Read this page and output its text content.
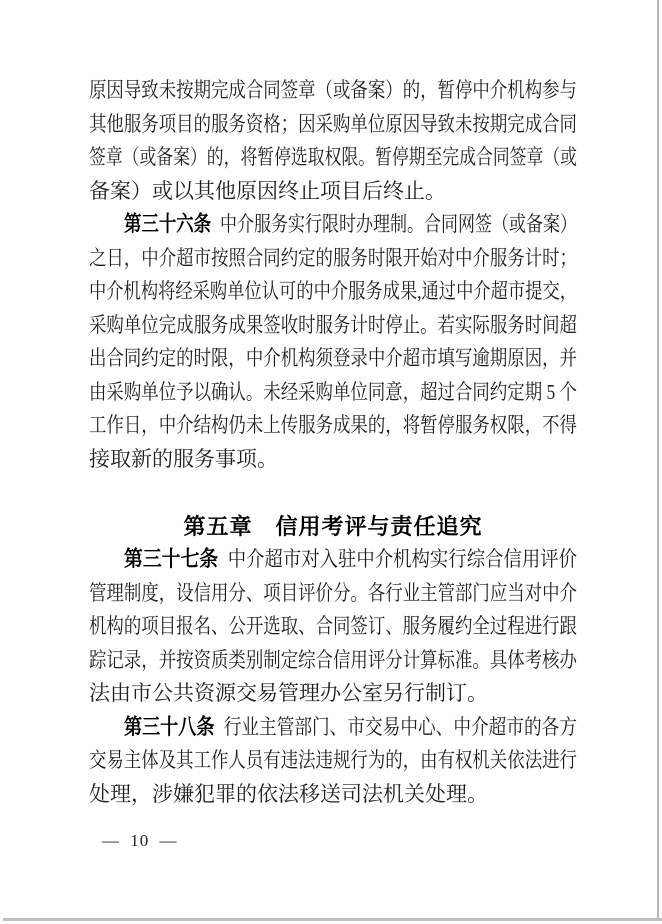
原因导致未按期完成合同签章（或备案）的，暂停中介机构参与
其他服务项目的服务资格；因采购单位原因导致未按期完成合同
签章（或备案）的，将暂停选取权限。暂停期至完成合同签章（或
备案）或以其他原因终止项目后终止。
第三十六条 中介服务实行限时办理制。合同网签（或备案）
之日，中介超市按照合同约定的服务时限开始对中介服务计时；
中介机构将经采购单位认可的中介服务成果,通过中介超市提交，
采购单位完成服务成果签收时服务计时停止。若实际服务时间超
出合同约定的时限，中介机构须登录中介超市填写逾期原因，并
由采购单位予以确认。未经采购单位同意，超过合同约定期 5 个
工作日，中介结构仍未上传服务成果的，将暂停服务权限，不得
接取新的服务事项。
第五章　信用考评与责任追究
第三十七条 中介超市对入驻中介机构实行综合信用评价
管理制度，设信用分、项目评价分。各行业主管部门应当对中介
机构的项目报名、公开选取、合同签订、服务履约全过程进行跟
踪记录，并按资质类别制定综合信用评分计算标准。具体考核办
法由市公共资源交易管理办公室另行制订。
第三十八条 行业主管部门、市交易中心、中介超市的各方
交易主体及其工作人员有违法违规行为的，由有权机关依法进行
处理，涉嫌犯罪的依法移送司法机关处理。
— 10 —
